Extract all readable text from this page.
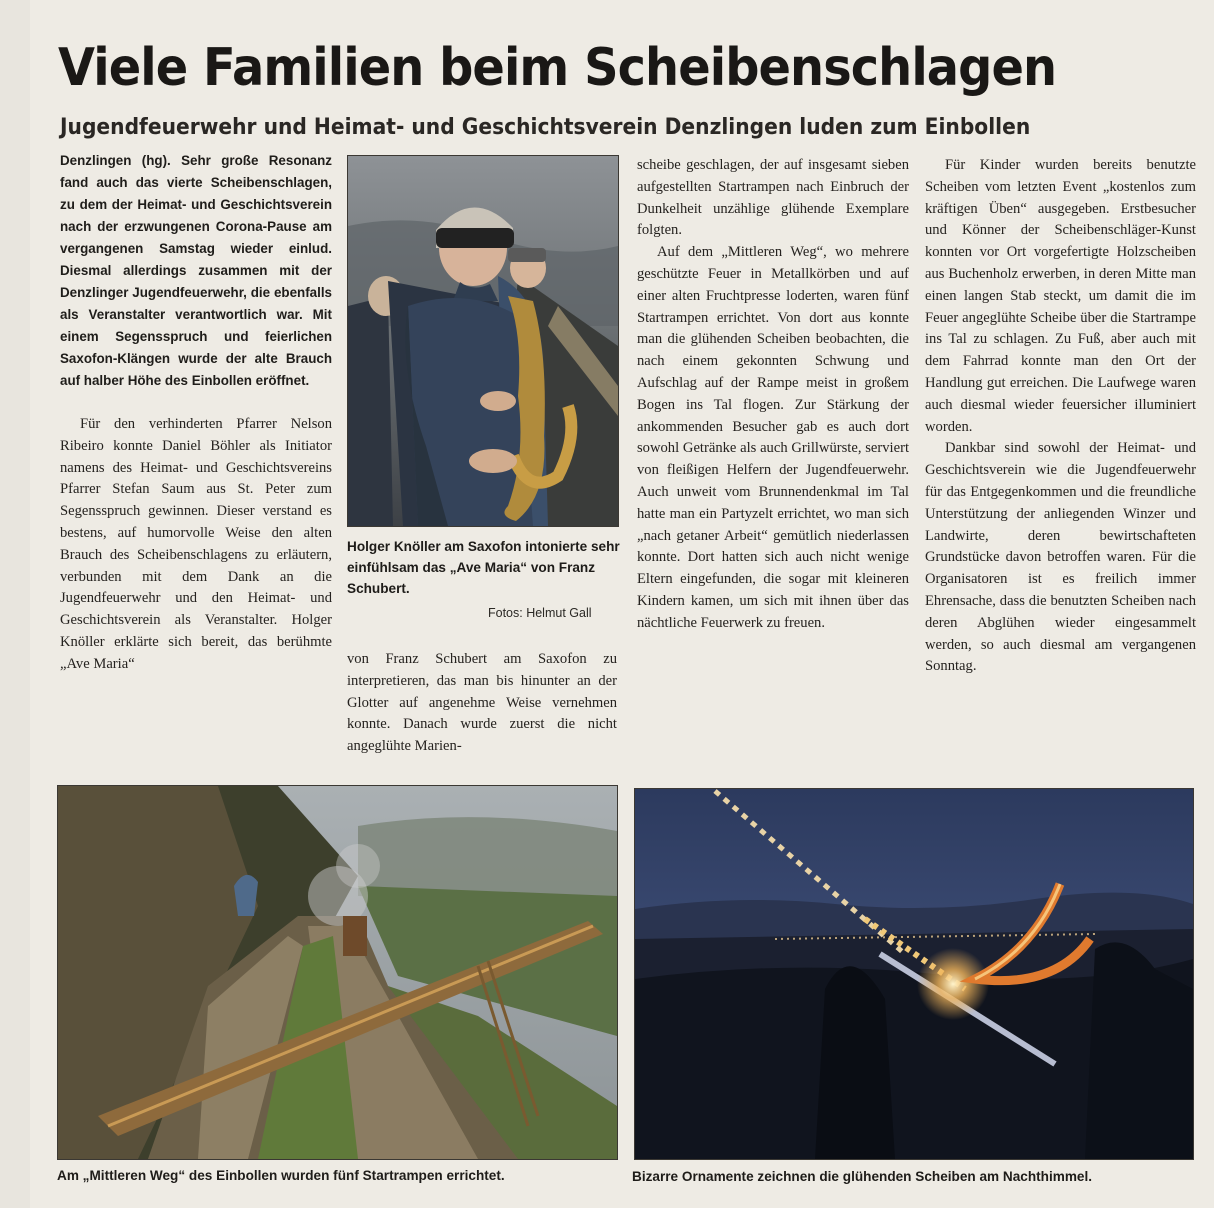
Viele Familien beim Scheibenschlagen
Jugendfeuerwehr und Heimat- und Geschichtsverein Denzlingen luden zum Einbollen

Denzlingen (hg). Sehr große Resonanz fand auch das vierte Scheibenschlagen, zu dem der Heimat- und Geschichtsverein nach der erzwungenen Corona-Pause am vergangenen Samstag wieder einlud. Diesmal allerdings zusammen mit der Denzlinger Jugendfeuerwehr, die ebenfalls als Veranstalter verantwortlich war. Mit einem Segensspruch und feierlichen Saxofon-Klängen wurde der alte Brauch auf halber Höhe des Einbollen eröffnet.

Für den verhinderten Pfarrer Nelson Ribeiro konnte Daniel Böhler als Initiator namens des Heimat- und Geschichtsvereins Pfarrer Stefan Saum aus St. Peter zum Segensspruch gewinnen. Dieser verstand es bestens, auf humorvolle Weise den alten Brauch des Scheibenschlagens zu erläutern, verbunden mit dem Dank an die Jugendfeuerwehr und den Heimat- und Geschichtsverein als Veranstalter. Holger Knöller erklärte sich bereit, das berühmte „Ave Maria“

Holger Knöller am Saxofon intonierte sehr einfühlsam das „Ave Maria“ von Franz Schubert.
Fotos: Helmut Gall

von Franz Schubert am Saxofon zu interpretieren, das man bis hinunter an der Glotter auf angenehme Weise vernehmen konnte. Danach wurde zuerst die nicht angeglühte Marien-

scheibe geschlagen, der auf insgesamt sieben aufgestellten Startrampen nach Einbruch der Dunkelheit unzählige glühende Exemplare folgten.

Auf dem „Mittleren Weg“, wo mehrere geschützte Feuer in Metallkörben und auf einer alten Fruchtpresse loderten, waren fünf Startrampen errichtet. Von dort aus konnte man die glühenden Scheiben beobachten, die nach einem gekonnten Schwung und Aufschlag auf der Rampe meist in großem Bogen ins Tal flogen. Zur Stärkung der ankommenden Besucher gab es auch dort sowohl Getränke als auch Grillwürste, serviert von fleißigen Helfern der Jugendfeuerwehr. Auch unweit vom Brunnendenkmal im Tal hatte man ein Partyzelt errichtet, wo man sich „nach getaner Arbeit“ gemütlich niederlassen konnte. Dort hatten sich auch nicht wenige Eltern eingefunden, die sogar mit kleineren Kindern kamen, um sich mit ihnen über das nächtliche Feuerwerk zu freuen.

Für Kinder wurden bereits benutzte Scheiben vom letzten Event „kostenlos zum kräftigen Üben“ ausgegeben. Erstbesucher und Könner der Scheibenschläger-Kunst konnten vor Ort vorgefertigte Holzscheiben aus Buchenholz erwerben, in deren Mitte man einen langen Stab steckt, um damit die im Feuer angeglühte Scheibe über die Startrampe ins Tal zu schlagen. Zu Fuß, aber auch mit dem Fahrrad konnte man den Ort der Handlung gut erreichen. Die Laufwege waren auch diesmal wieder feuersicher illuminiert worden.

Dankbar sind sowohl der Heimat- und Geschichtsverein wie die Jugendfeuerwehr für das Entgegenkommen und die freundliche Unterstützung der anliegenden Winzer und Landwirte, deren bewirtschafteten Grundstücke davon betroffen waren. Für die Organisatoren ist es freilich immer Ehrensache, dass die benutzten Scheiben nach deren Abglühen wieder eingesammelt werden, so auch diesmal am vergangenen Sonntag.

Am „Mittleren Weg“ des Einbollen wurden fünf Startrampen errichtet.	Bizarre Ornamente zeichnen die glühenden Scheiben am Nachthimmel.
